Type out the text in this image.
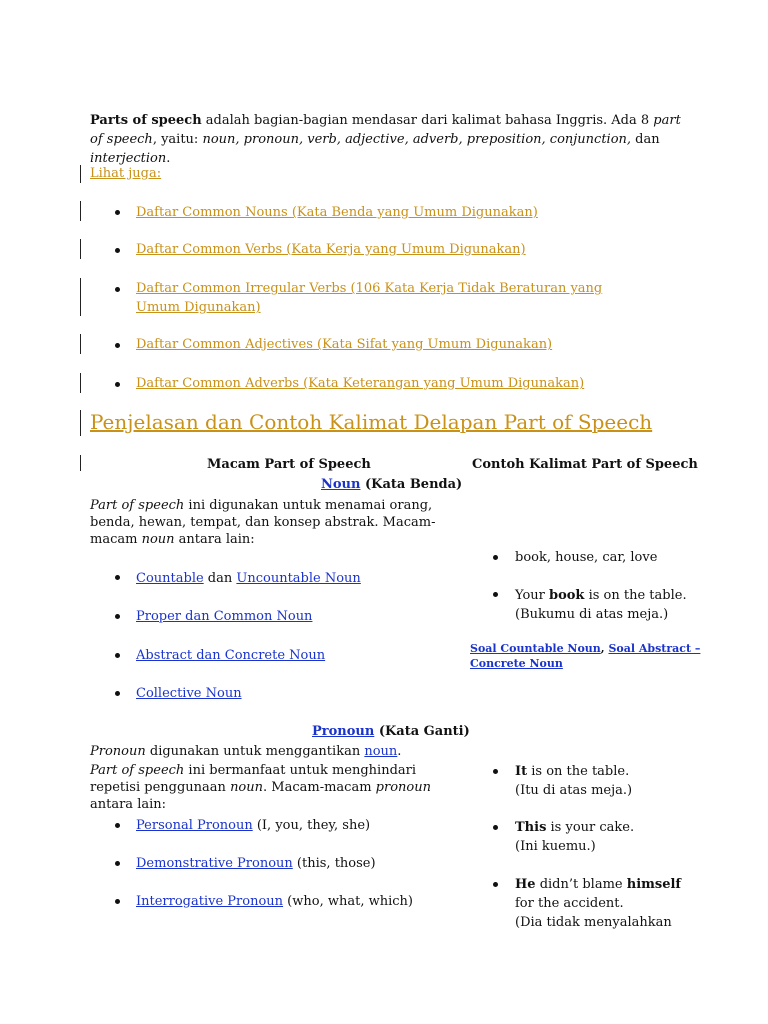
Parts of speech adalah bagian-bagian mendasar dari kalimat bahasa Inggris. Ada 8 part of speech, yaitu: noun, pronoun, verb, adjective, adverb, preposition, conjunction, dan interjection.
Lihat juga:
Daftar Common Nouns (Kata Benda yang Umum Digunakan)
Daftar Common Verbs (Kata Kerja yang Umum Digunakan)
Daftar Common Irregular Verbs (106 Kata Kerja Tidak Beraturan yang Umum Digunakan)
Daftar Common Adjectives (Kata Sifat yang Umum Digunakan)
Daftar Common Adverbs (Kata Keterangan yang Umum Digunakan)
Penjelasan dan Contoh Kalimat Delapan Part of Speech
Macam Part of Speech	Contoh Kalimat Part of Speech
Noun (Kata Benda)
Part of speech ini digunakan untuk menamai orang, benda, hewan, tempat, dan konsep abstrak. Macam-macam noun antara lain:
Countable dan Uncountable Noun
Proper dan Common Noun
Abstract dan Concrete Noun
Collective Noun
book, house, car, love
Your book is on the table.
(Bukumu di atas meja.)
Soal Countable Noun, Soal Abstract – Concrete Noun
Pronoun (Kata Ganti)
Pronoun digunakan untuk menggantikan noun.
Part of speech ini bermanfaat untuk menghindari repetisi penggunaan noun. Macam-macam pronoun antara lain:
Personal Pronoun (I, you, they, she)
Demonstrative Pronoun (this, those)
Interrogative Pronoun (who, what, which)
It is on the table.
(Itu di atas meja.)
This is your cake.
(Ini kuemu.)
He didn’t blame himself
for the accident.
(Dia tidak menyalahkan
